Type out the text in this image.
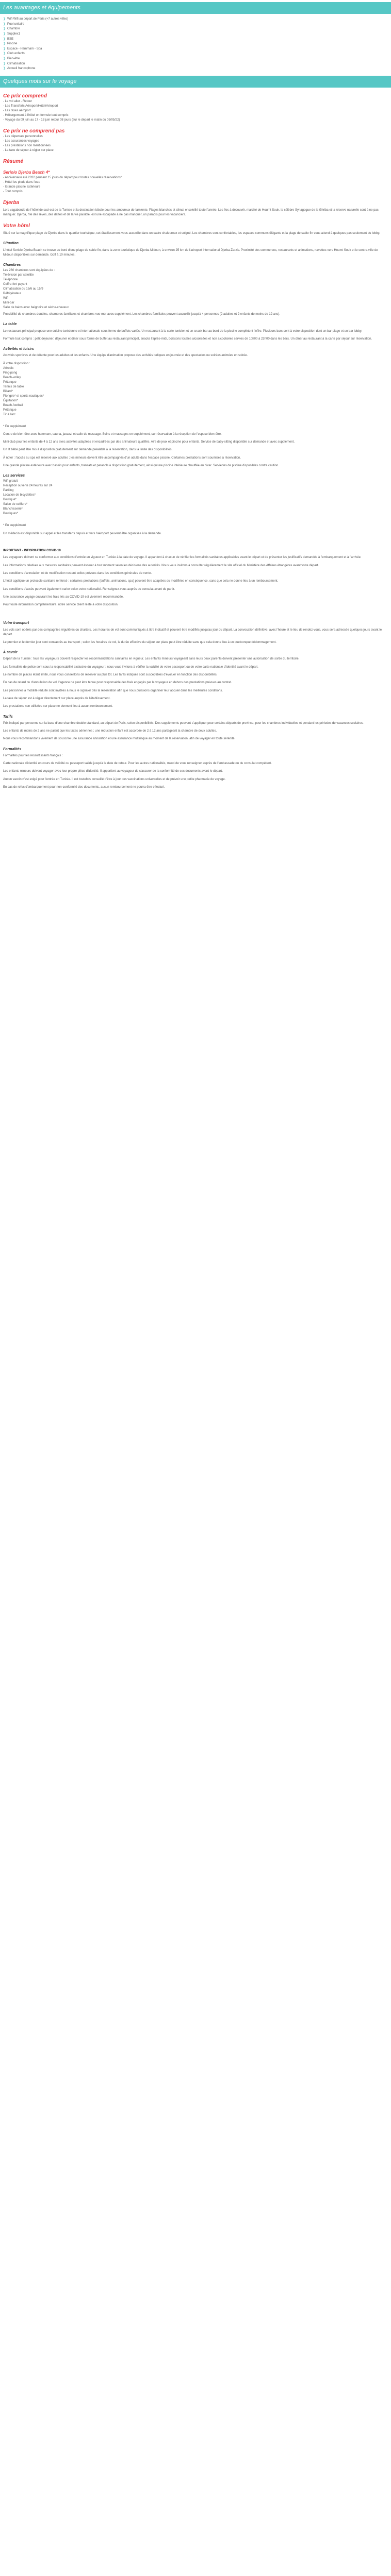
Les avantages et équipements
❯ Wifi Wifi au départ de Paris (+7 autres villes)
❯ Pool unitaire
❯ Chambre
❯ Supplex1
❯ BSE
❯ Piscine
❯ Espace - Hammam - Spa
❯ Club enfants
❯ Bien-être
❯ Climatisation
❯ Accueil francophone
Quelques mots sur le voyage
Ce prix comprend
- Le vol aller - Retour
- Les Transferts Aéroport/Hôtel/Aéroport
- Les taxes aéroport
- Hébergement à l'hôtel en formule tout compris
- Voyage du 09 juin au 17 - 13 juin retour 08 jours (sur le départ le matin du 05/05/22)
Ce prix ne comprend pas
- Les dépenses personnelles
- Les assurances voyages
- Les prestations non mentionnées
- La taxe de séjour à régler sur place
Résumé
Seriolo Djerba Beach 4*
- Anniversaire été 2022 pensant 15 jours du départ pour toutes nouvelles réservations*
- Hôtel les pieds dans l'eau
- Grande piscine extérieure
- Tout compris
Djerba

Lors vagabonde de l'hôtel de sud-est de la Tunisie et la destination idéale pour les amoureux de farniente. Plages blanches et climat ensoleillé toute l'année. Les îles à découvrir, marché de Houmt Souk, la célèbre Synagogue de la Ghriba et la réserve naturelle sont à ne pas manquer. Djerba, l'île des rêves, des dattes et de la vie paisible, est une escapade à ne pas manquer, un paradis pour les vacanciers.

Votre hôtel

Situé sur la magnifique plage de Djerba dans le quartier touristique, cet établissement vous accueille dans un cadre chaleureux et soigné. Les chambres sont confortables, les espaces communs élégants et la plage de sable fin vous attend à quelques pas seulement du lobby.

Situation

L'hôtel Seriolo Djerba Beach se trouve au bord d'une plage de sable fin, dans la zone touristique de Djerba Midoun, à environ 25 km de l'aéroport international Djerba-Zarzis. Proximité des commerces, restaurants et animations, navettes vers Houmt Souk et le centre-ville de Midoun disponibles sur demande. Golf à 10 minutes.

Chambres
Les 260 chambres sont équipées de :
Télévision par satellite
Téléphone
Coffre-fort payant
Climatisation du 15/6 au 15/9
Réfrigérateur
Wifi
Mini-bar
Salle de bains avec baignoire et sèche-cheveux

Possibilité de chambres doubles, chambres familiales et chambres vue mer avec supplément. Les chambres familiales peuvent accueillir jusqu'à 4 personnes (2 adultes et 2 enfants de moins de 12 ans).

La table

Le restaurant principal propose une cuisine tunisienne et internationale sous forme de buffets variés. Un restaurant à la carte tunisien et un snack-bar au bord de la piscine complètent l'offre. Plusieurs bars sont à votre disposition dont un bar plage et un bar lobby.

Formule tout compris : petit déjeuner, déjeuner et dîner sous forme de buffet au restaurant principal, snacks l'après-midi, boissons locales alcoolisées et non alcoolisées servies de 10h00 à 23h00 dans les bars. Un dîner au restaurant à la carte par séjour sur réservation.

Activités et loisirs

Activités sportives et de détente pour les adultes et les enfants. Une équipe d'animation propose des activités ludiques en journée et des spectacles ou soirées animées en soirée.

À votre disposition :
Aérobic
Ping-pong
Beach-volley
Pétanque
Tennis de table
Billard*
Plongée* et sports nautiques*
Équitation*
Beach-football
Pétanque
Tir à l'arc

* En supplément

Centre de bien-être avec hammam, sauna, jacuzzi et salle de massage. Soins et massages en supplément, sur réservation à la réception de l'espace bien-être.

Mini-club pour les enfants de 4 à 12 ans avec activités adaptées et encadrées par des animateurs qualifiés. Aire de jeux et piscine pour enfants. Service de baby-sitting disponible sur demande et avec supplément.

Un lit bébé peut être mis à disposition gratuitement sur demande préalable à la réservation, dans la limite des disponibilités.

À noter : l'accès au spa est réservé aux adultes ; les mineurs doivent être accompagnés d'un adulte dans l'espace piscine. Certaines prestations sont soumises à réservation.

Une grande piscine extérieure avec bassin pour enfants, transats et parasols à disposition gratuitement, ainsi qu'une piscine intérieure chauffée en hiver. Serviettes de piscine disponibles contre caution.

Les services
Wifi gratuit
Réception ouverte 24 heures sur 24
Parking
Location de bicyclettes*
Boutique*
Salon de coiffure*
Blanchisserie*
Boutiques*

* En supplément

Un médecin est disponible sur appel et les transferts depuis et vers l'aéroport peuvent être organisés à la demande.

IMPORTANT - INFORMATION COVID-19

Les voyageurs doivent se conformer aux conditions d'entrée en vigueur en Tunisie à la date du voyage. Il appartient à chacun de vérifier les formalités sanitaires applicables avant le départ et de présenter les justificatifs demandés à l'embarquement et à l'arrivée.

Les informations relatives aux mesures sanitaires peuvent évoluer à tout moment selon les décisions des autorités. Nous vous invitons à consulter régulièrement le site officiel du Ministère des Affaires étrangères avant votre départ.

Les conditions d'annulation et de modification restent celles prévues dans les conditions générales de vente.

L'hôtel applique un protocole sanitaire renforcé ; certaines prestations (buffets, animations, spa) peuvent être adaptées ou modifiées en conséquence, sans que cela ne donne lieu à un remboursement.

Les conditions d'accès peuvent également varier selon votre nationalité. Renseignez-vous auprès du consulat avant de partir.

Une assurance voyage couvrant les frais liés au COVID-19 est vivement recommandée.

Pour toute information complémentaire, notre service client reste à votre disposition.

Votre transport

Les vols sont opérés par des compagnies régulières ou charters. Les horaires de vol sont communiqués à titre indicatif et peuvent être modifiés jusqu'au jour du départ. La convocation définitive, avec l'heure et le lieu de rendez-vous, vous sera adressée quelques jours avant le départ.

Le premier et le dernier jour sont consacrés au transport ; selon les horaires de vol, la durée effective du séjour sur place peut être réduite sans que cela donne lieu à un quelconque dédommagement.

À savoir

Départ de la Tunisie : tous les voyageurs doivent respecter les recommandations sanitaires en vigueur. Les enfants mineurs voyageant sans leurs deux parents doivent présenter une autorisation de sortie du territoire.

Les formalités de police sont sous la responsabilité exclusive du voyageur ; nous vous invitons à vérifier la validité de votre passeport ou de votre carte nationale d'identité avant le départ.

Le nombre de places étant limité, nous vous conseillons de réserver au plus tôt. Les tarifs indiqués sont susceptibles d'évoluer en fonction des disponibilités.

En cas de retard ou d'annulation de vol, l'agence ne peut être tenue pour responsable des frais engagés par le voyageur en dehors des prestations prévues au contrat.

Les personnes à mobilité réduite sont invitées à nous le signaler dès la réservation afin que nous puissions organiser leur accueil dans les meilleures conditions.

La taxe de séjour est à régler directement sur place auprès de l'établissement.

Les prestations non utilisées sur place ne donnent lieu à aucun remboursement.

Tarifs

Prix indiqué par personne sur la base d'une chambre double standard, au départ de Paris, selon disponibilités. Des suppléments peuvent s'appliquer pour certains départs de province, pour les chambres individuelles et pendant les périodes de vacances scolaires.

Les enfants de moins de 2 ans ne paient que les taxes aériennes ; une réduction enfant est accordée de 2 à 12 ans partageant la chambre de deux adultes.

Nous vous recommandons vivement de souscrire une assurance annulation et une assurance multirisque au moment de la réservation, afin de voyager en toute sérénité.

Formalités

Formalités pour les ressortissants français :

Carte nationale d'identité en cours de validité ou passeport valide jusqu'à la date de retour. Pour les autres nationalités, merci de vous renseigner auprès de l'ambassade ou du consulat compétent.

Les enfants mineurs doivent voyager avec leur propre pièce d'identité. Il appartient au voyageur de s'assurer de la conformité de ses documents avant le départ.

Aucun vaccin n'est exigé pour l'entrée en Tunisie. Il est toutefois conseillé d'être à jour des vaccinations universelles et de prévoir une petite pharmacie de voyage.

En cas de refus d'embarquement pour non-conformité des documents, aucun remboursement ne pourra être effectué.
